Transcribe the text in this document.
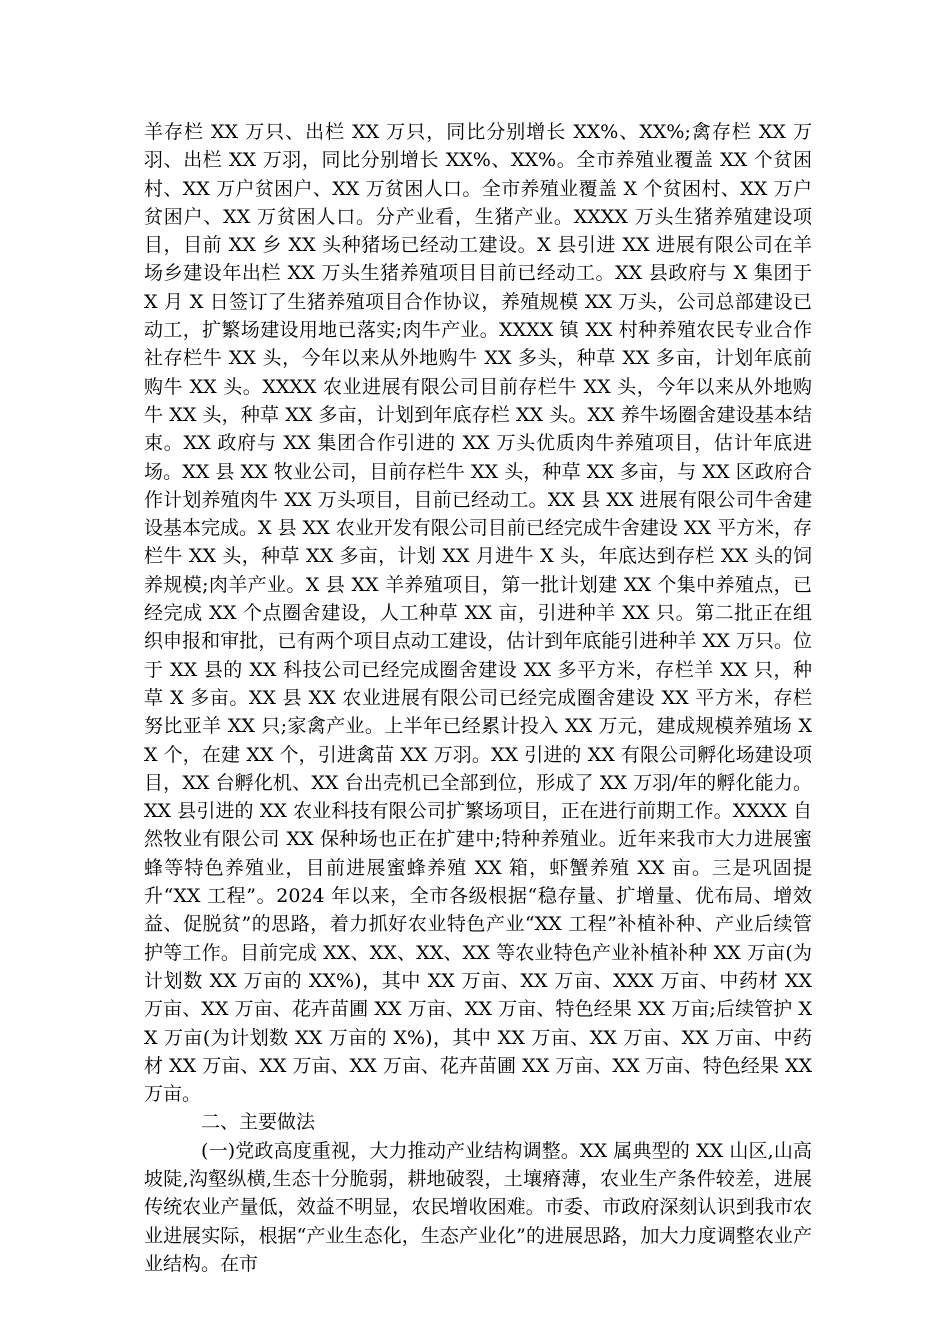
羊存栏 XX 万只、出栏 XX 万只，同比分别增长 XX%、XX%;禽存栏 XX 万羽、出栏 XX 万羽，同比分别增长 XX%、XX%。全市养殖业覆盖 XX 个贫困村、XX 万户贫困户、XX 万贫困人口。全市养殖业覆盖 X 个贫困村、XX 万户贫困户、XX 万贫困人口。分产业看，生猪产业。XXXX 万头生猪养殖建设项目，目前 XX 乡 XX 头种猪场已经动工建设。X 县引进 XX 进展有限公司在羊场乡建设年出栏 XX 万头生猪养殖项目目前已经动工。XX 县政府与 X 集团于 X 月 X 日签订了生猪养殖项目合作协议，养殖规模 XX 万头，公司总部建设已动工，扩繁场建设用地已落实;肉牛产业。XXXX 镇 XX 村种养殖农民专业合作社存栏牛 XX 头，今年以来从外地购牛 XX 多头，种草 XX 多亩，计划年底前购牛 XX 头。XXXX 农业进展有限公司目前存栏牛 XX 头，今年以来从外地购牛 XX 头，种草 XX 多亩，计划到年底存栏 XX 头。XX 养牛场圈舍建设基本结束。XX 政府与 XX 集团合作引进的 XX 万头优质肉牛养殖项目，估计年底进场。XX 县 XX 牧业公司，目前存栏牛 XX 头，种草 XX 多亩，与 XX 区政府合作计划养殖肉牛 XX 万头项目，目前已经动工。XX 县 XX 进展有限公司牛舍建设基本完成。X 县 XX 农业开发有限公司目前已经完成牛舍建设 XX 平方米，存栏牛 XX 头，种草 XX 多亩，计划 XX 月进牛 X 头，年底达到存栏 XX 头的饲养规模;肉羊产业。X 县 XX 羊养殖项目，第一批计划建 XX 个集中养殖点，已经完成 XX 个点圈舍建设，人工种草 XX 亩，引进种羊 XX 只。第二批正在组织申报和审批，已有两个项目点动工建设，估计到年底能引进种羊 XX 万只。位于 XX 县的 XX 科技公司已经完成圈舍建设 XX 多平方米，存栏羊 XX 只，种草 X 多亩。XX 县 XX 农业进展有限公司已经完成圈舍建设 XX 平方米，存栏努比亚羊 XX 只;家禽产业。上半年已经累计投入 XX 万元，建成规模养殖场 XX 个，在建 XX 个，引进禽苗 XX 万羽。XX 引进的 XX 有限公司孵化场建设项目，XX 台孵化机、XX 台出壳机已全部到位，形成了 XX 万羽/年的孵化能力。XX 县引进的 XX 农业科技有限公司扩繁场项目，正在进行前期工作。XXXX 自然牧业有限公司 XX 保种场也正在扩建中;特种养殖业。近年来我市大力进展蜜蜂等特色养殖业，目前进展蜜蜂养殖 XX 箱，虾蟹养殖 XX 亩。三是巩固提升“XX 工程”。2024 年以来，全市各级根据“稳存量、扩增量、优布局、增效益、促脱贫”的思路，着力抓好农业特色产业“XX 工程”补植补种、产业后续管护等工作。目前完成 XX、XX、XX、XX 等农业特色产业补植补种 XX 万亩(为计划数 XX 万亩的 XX%)，其中 XX 万亩、XX 万亩、XXX 万亩、中药材 XX 万亩、XX 万亩、花卉苗圃 XX 万亩、XX 万亩、特色经果 XX 万亩;后续管护 XX 万亩(为计划数 XX 万亩的 X%)，其中 XX 万亩、XX 万亩、XX 万亩、中药材 XX 万亩、XX 万亩、XX 万亩、花卉苗圃 XX 万亩、XX 万亩、特色经果 XX 万亩。

二、主要做法

(一)党政高度重视，大力推动产业结构调整。XX 属典型的 XX 山区,山高坡陡,沟壑纵横,生态十分脆弱，耕地破裂，土壤瘠薄，农业生产条件较差，进展传统农业产量低，效益不明显，农民增收困难。市委、市政府深刻认识到我市农业进展实际，根据“产业生态化，生态产业化”的进展思路，加大力度调整农业产业结构。在市
